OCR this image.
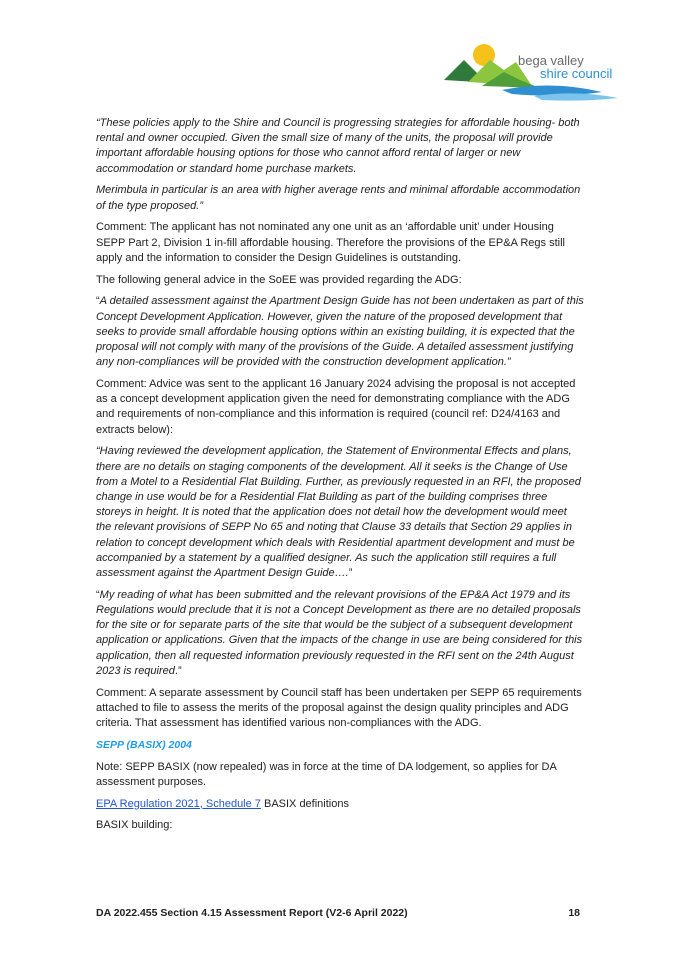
bega valley
shire council

“These policies apply to the Shire and Council is progressing strategies for affordable housing- both rental and owner occupied. Given the small size of many of the units, the proposal will provide important affordable housing options for those who cannot afford rental of larger or new accommodation or standard home purchase markets.

Merimbula in particular is an area with higher average rents and minimal affordable accommodation of the type proposed.”

Comment: The applicant has not nominated any one unit as an ‘affordable unit’ under Housing SEPP Part 2, Division 1 in-fill affordable housing. Therefore the provisions of the EP&A Regs still apply and the information to consider the Design Guidelines is outstanding.

The following general advice in the SoEE was provided regarding the ADG:

“A detailed assessment against the Apartment Design Guide has not been undertaken as part of this Concept Development Application. However, given the nature of the proposed development that seeks to provide small affordable housing options within an existing building, it is expected that the proposal will not comply with many of the provisions of the Guide. A detailed assessment justifying any non-compliances will be provided with the construction development application.”

Comment: Advice was sent to the applicant 16 January 2024 advising the proposal is not accepted as a concept development application given the need for demonstrating compliance with the ADG and requirements of non-compliance and this information is required (council ref: D24/4163 and extracts below):

“Having reviewed the development application, the Statement of Environmental Effects and plans, there are no details on staging components of the development. All it seeks is the Change of Use from a Motel to a Residential Flat Building. Further, as previously requested in an RFI, the proposed change in use would be for a Residential Flat Building as part of the building comprises three storeys in height. It is noted that the application does not detail how the development would meet the relevant provisions of SEPP No 65 and noting that Clause 33 details that Section 29 applies in relation to concept development which deals with Residential apartment development and must be accompanied by a statement by a qualified designer. As such the application still requires a full assessment against the Apartment Design Guide….”

“My reading of what has been submitted and the relevant provisions of the EP&A Act 1979 and its Regulations would preclude that it is not a Concept Development as there are no detailed proposals for the site or for separate parts of the site that would be the subject of a subsequent development application or applications. Given that the impacts of the change in use are being considered for this application, then all requested information previously requested in the RFI sent on the 24th August 2023 is required.”

Comment: A separate assessment by Council staff has been undertaken per SEPP 65 requirements attached to file to assess the merits of the proposal against the design quality principles and ADG criteria. That assessment has identified various non-compliances with the ADG.

SEPP (BASIX) 2004

Note: SEPP BASIX (now repealed) was in force at the time of DA lodgement, so applies for DA assessment purposes.

EPA Regulation 2021, Schedule 7 BASIX definitions

BASIX building:

DA 2022.455 Section 4.15 Assessment Report (V2-6 April 2022)	18
